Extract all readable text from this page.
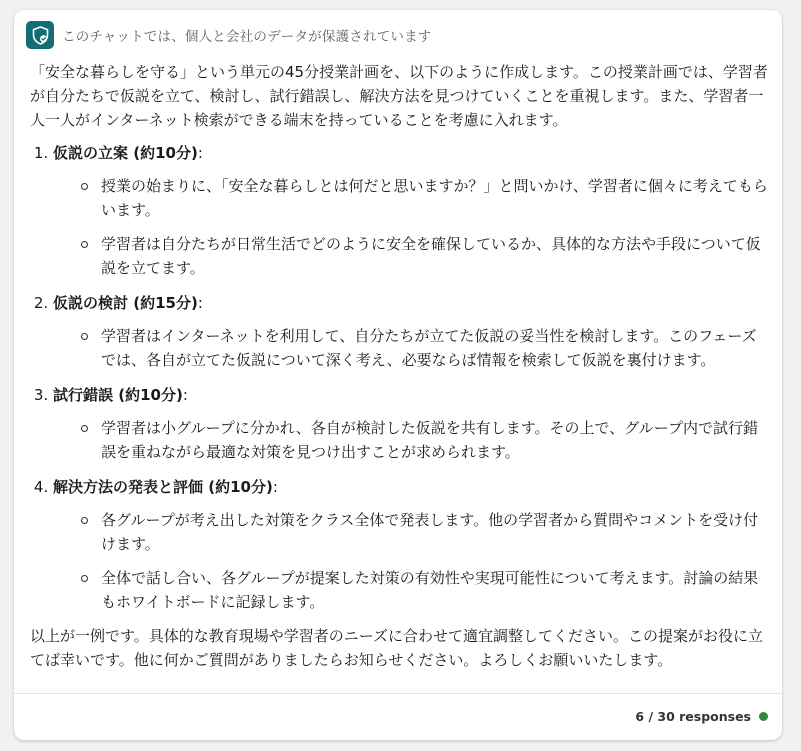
このチャットでは、個人と会社のデータが保護されています

「安全な暮らしを守る」という単元の45分授業計画を、以下のように作成します。この授業計画では、学習者が自分たちで仮説を立て、検討し、試行錯誤し、解決方法を見つけていくことを重視します。また、学習者一人一人がインターネット検索ができる端末を持っていることを考慮に入れます。

1. 仮説の立案 (約10分):
授業の始まりに、「安全な暮らしとは何だと思いますか？」と問いかけ、学習者に個々に考えてもらいます。
学習者は自分たちが日常生活でどのように安全を確保しているか、具体的な方法や手段について仮説を立てます。
2. 仮説の検討 (約15分):
学習者はインターネットを利用して、自分たちが立てた仮説の妥当性を検討します。このフェーズでは、各自が立てた仮説について深く考え、必要ならば情報を検索して仮説を裏付けます。
3. 試行錯誤 (約10分):
学習者は小グループに分かれ、各自が検討した仮説を共有します。その上で、グループ内で試行錯誤を重ねながら最適な対策を見つけ出すことが求められます。
4. 解決方法の発表と評価 (約10分):
各グループが考え出した対策をクラス全体で発表します。他の学習者から質問やコメントを受け付けます。
全体で話し合い、各グループが提案した対策の有効性や実現可能性について考えます。討論の結果もホワイトボードに記録します。

以上が一例です。具体的な教育現場や学習者のニーズに合わせて適宜調整してください。この提案がお役に立てば幸いです。他に何かご質問がありましたらお知らせください。よろしくお願いいたします。

6 / 30 responses
